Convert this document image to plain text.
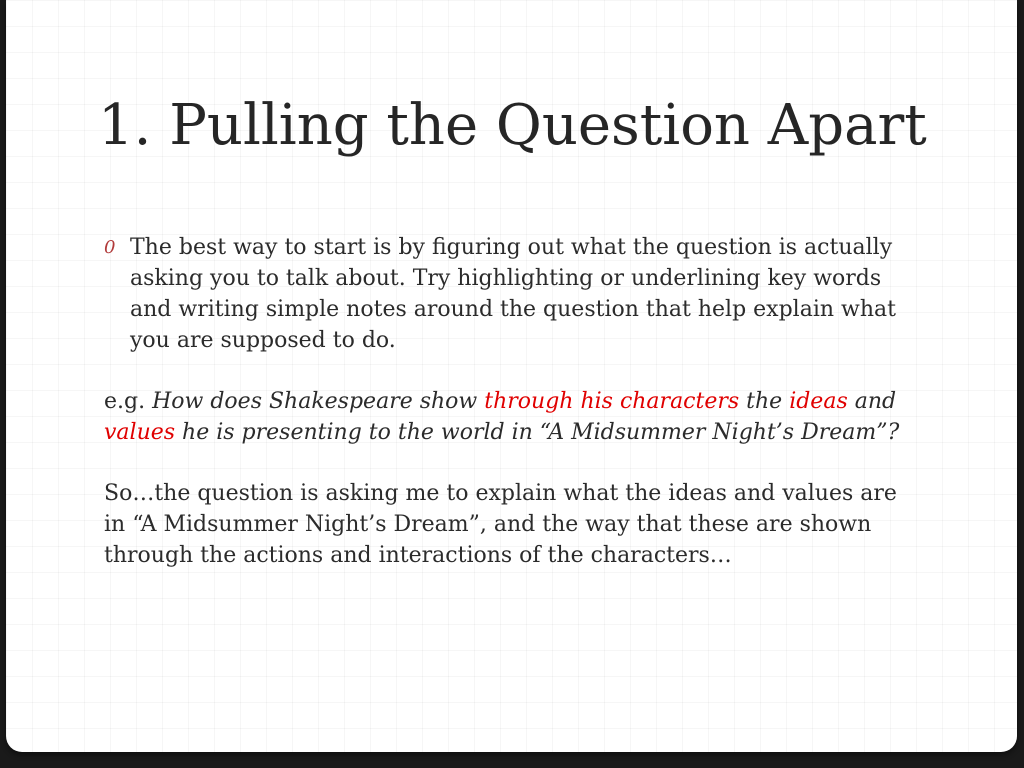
1. Pulling the Question Apart
0 The best way to start is by figuring out what the question is actually asking you to talk about. Try highlighting or underlining key words and writing simple notes around the question that help explain what you are supposed to do.

e.g. How does Shakespeare show through his characters the ideas and values he is presenting to the world in “A Midsummer Night’s Dream”?

So…the question is asking me to explain what the ideas and values are in “A Midsummer Night’s Dream”, and the way that these are shown through the actions and interactions of the characters…
